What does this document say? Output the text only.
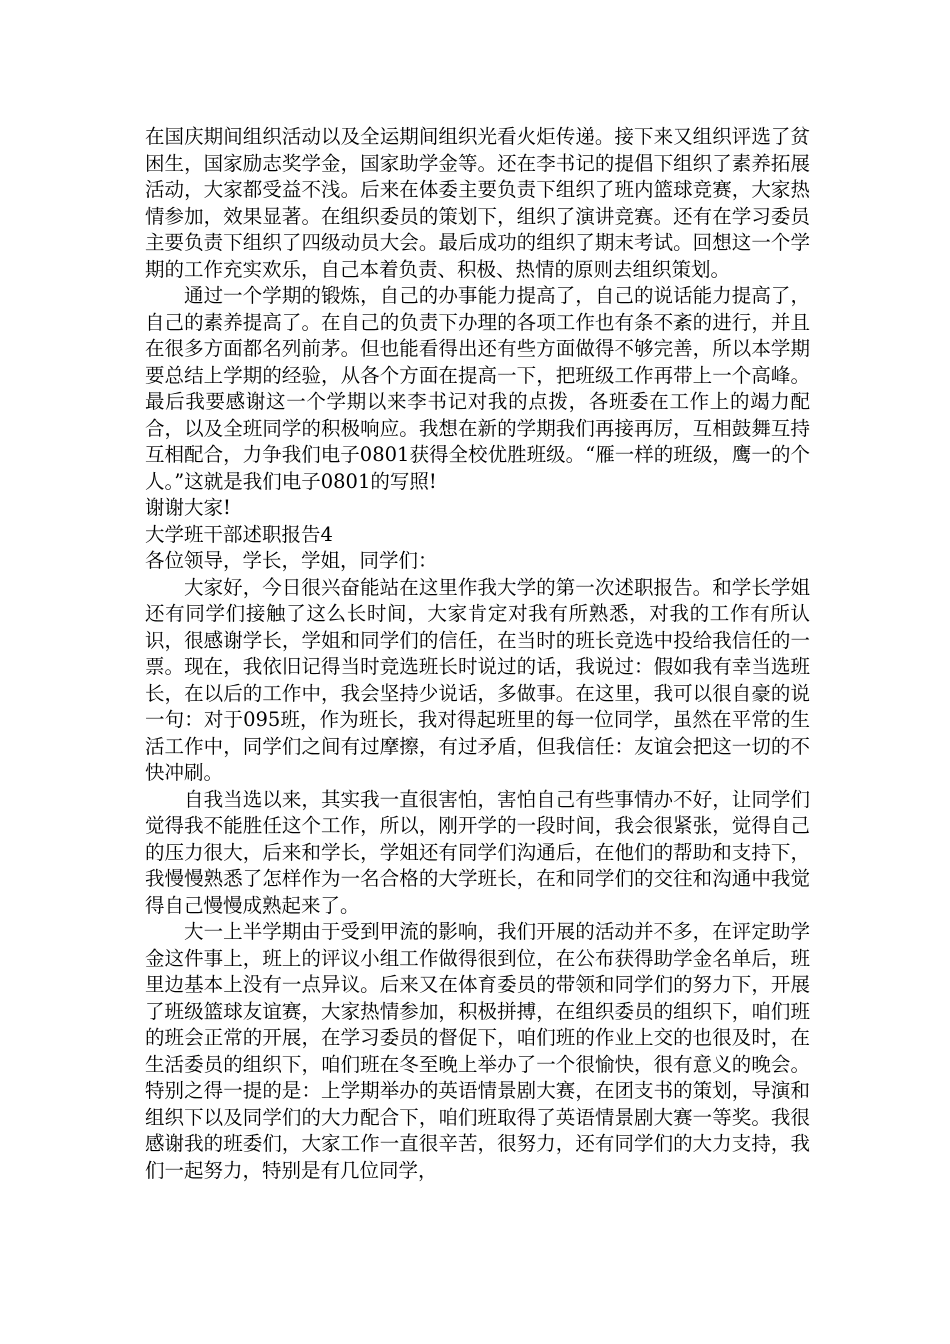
在国庆期间组织活动以及全运期间组织光看火炬传递。接下来又组织评选了贫困生，国家励志奖学金，国家助学金等。还在李书记的提倡下组织了素养拓展活动，大家都受益不浅。后来在体委主要负责下组织了班内篮球竞赛，大家热情参加，效果显著。在组织委员的策划下，组织了演讲竞赛。还有在学习委员主要负责下组织了四级动员大会。最后成功的组织了期末考试。回想这一个学期的工作充实欢乐，自己本着负责、积极、热情的原则去组织策划。

通过一个学期的锻炼，自己的办事能力提高了，自己的说话能力提高了，自己的素养提高了。在自己的负责下办理的各项工作也有条不紊的进行，并且在很多方面都名列前茅。但也能看得出还有些方面做得不够完善，所以本学期要总结上学期的经验，从各个方面在提高一下，把班级工作再带上一个高峰。最后我要感谢这一个学期以来李书记对我的点拨，各班委在工作上的竭力配合，以及全班同学的积极响应。我想在新的学期我们再接再厉，互相鼓舞互持互相配合，力争我们电子0801获得全校优胜班级。“雁一样的班级，鹰一的个人。”这就是我们电子0801的写照!

谢谢大家!

大学班干部述职报告4

各位领导，学长，学姐，同学们：

大家好，今日很兴奋能站在这里作我大学的第一次述职报告。和学长学姐还有同学们接触了这么长时间，大家肯定对我有所熟悉，对我的工作有所认识，很感谢学长，学姐和同学们的信任，在当时的班长竞选中投给我信任的一票。现在，我依旧记得当时竞选班长时说过的话，我说过：假如我有幸当选班长，在以后的工作中，我会坚持少说话，多做事。在这里，我可以很自豪的说一句：对于095班，作为班长，我对得起班里的每一位同学，虽然在平常的生活工作中，同学们之间有过摩擦，有过矛盾，但我信任：友谊会把这一切的不快冲刷。

自我当选以来，其实我一直很害怕，害怕自己有些事情办不好，让同学们觉得我不能胜任这个工作，所以，刚开学的一段时间，我会很紧张，觉得自己的压力很大，后来和学长，学姐还有同学们沟通后，在他们的帮助和支持下，我慢慢熟悉了怎样作为一名合格的大学班长，在和同学们的交往和沟通中我觉得自己慢慢成熟起来了。

大一上半学期由于受到甲流的影响，我们开展的活动并不多，在评定助学金这件事上，班上的评议小组工作做得很到位，在公布获得助学金名单后，班里边基本上没有一点异议。后来又在体育委员的带领和同学们的努力下，开展了班级篮球友谊赛，大家热情参加，积极拼搏，在组织委员的组织下，咱们班的班会正常的开展，在学习委员的督促下，咱们班的作业上交的也很及时，在生活委员的组织下，咱们班在冬至晚上举办了一个很愉快，很有意义的晚会。特别之得一提的是：上学期举办的英语情景剧大赛，在团支书的策划，导演和组织下以及同学们的大力配合下，咱们班取得了英语情景剧大赛一等奖。我很感谢我的班委们，大家工作一直很辛苦，很努力，还有同学们的大力支持，我们一起努力，特别是有几位同学，
